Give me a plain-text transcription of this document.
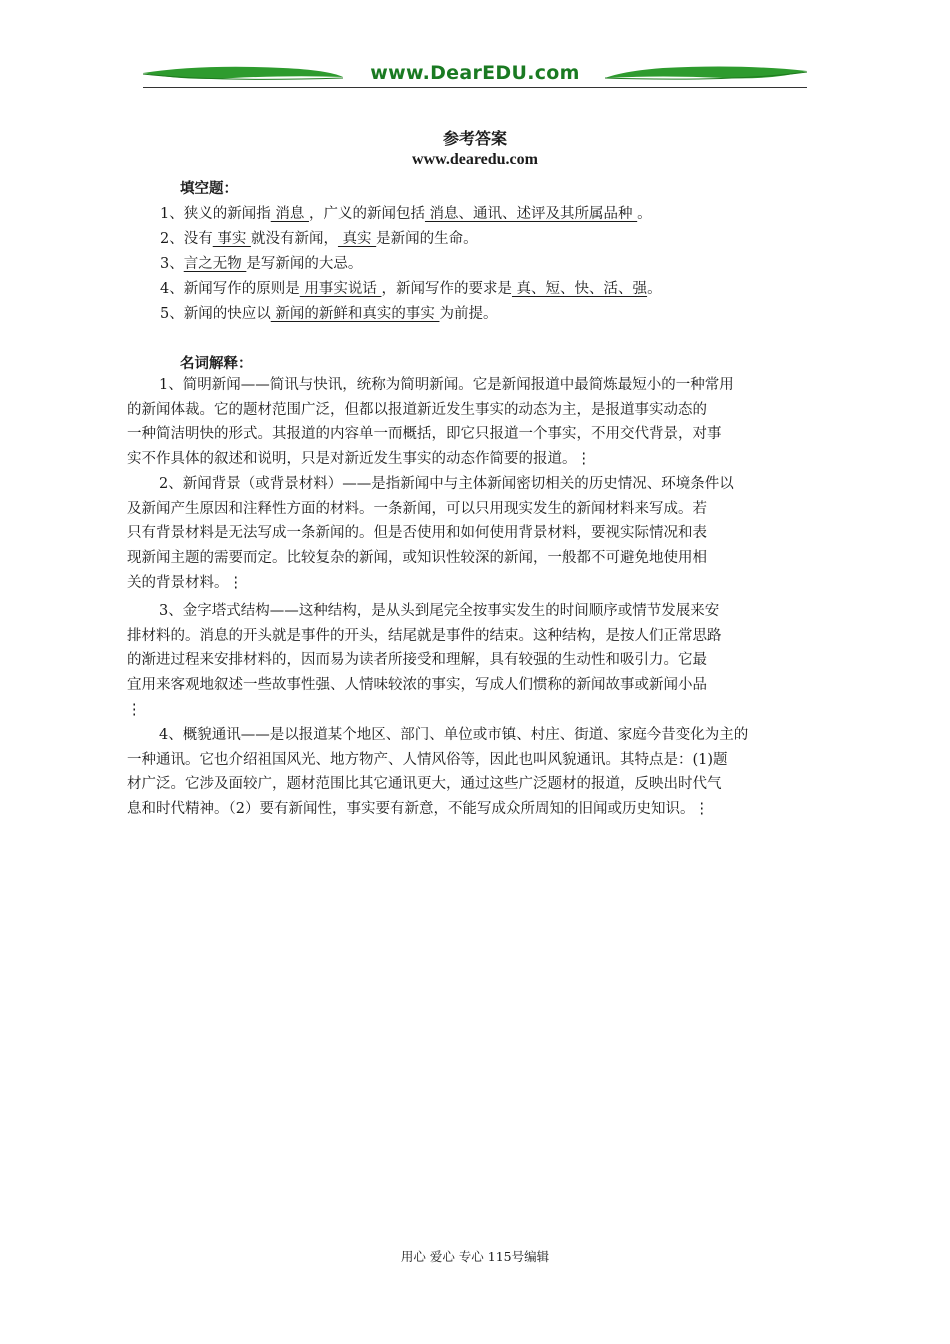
www.DearEDU.com
参考答案
www.dearedu.com
填空题：
1、狭义的新闻指 消息 ，广义的新闻包括 消息、通讯、述评及其所属品种 。
2、没有 事实 就没有新闻， 真实 是新闻的生命。
3、言之无物 是写新闻的大忌。
4、新闻写作的原则是 用事实说话 ，新闻写作的要求是 真、短、快、活、强。
5、新闻的快应以 新闻的新鲜和真实的事实 为前提。
名词解释：
1、简明新闻——简讯与快讯，统称为简明新闻。它是新闻报道中最简炼最短小的一种常用
的新闻体裁。它的题材范围广泛，但都以报道新近发生事实的动态为主，是报道事实动态的
一种简洁明快的形式。其报道的内容单一而概括，即它只报道一个事实，不用交代背景，对事
实不作具体的叙述和说明，只是对新近发生事实的动态作简要的报道。⋮
2、新闻背景（或背景材料）——是指新闻中与主体新闻密切相关的历史情况、环境条件以
及新闻产生原因和注释性方面的材料。一条新闻，可以只用现实发生的新闻材料来写成。若
只有背景材料是无法写成一条新闻的。但是否使用和如何使用背景材料，要视实际情况和表
现新闻主题的需要而定。比较复杂的新闻，或知识性较深的新闻，一般都不可避免地使用相
关的背景材料。⋮
3、金字塔式结构——这种结构，是从头到尾完全按事实发生的时间顺序或情节发展来安
排材料的。消息的开头就是事件的开头，结尾就是事件的结束。这种结构，是按人们正常思路
的渐进过程来安排材料的，因而易为读者所接受和理解，具有较强的生动性和吸引力。它最
宜用来客观地叙述一些故事性强、人情味较浓的事实，写成人们惯称的新闻故事或新闻小品
⋮
4、概貌通讯——是以报道某个地区、部门、单位或市镇、村庄、街道、家庭今昔变化为主的
一种通讯。它也介绍祖国风光、地方物产、人情风俗等，因此也叫风貌通讯。其特点是：(1)题
材广泛。它涉及面较广，题材范围比其它通讯更大，通过这些广泛题材的报道，反映出时代气
息和时代精神。（2）要有新闻性，事实要有新意，不能写成众所周知的旧闻或历史知识。⋮
用心 爱心 专心 115号编辑
